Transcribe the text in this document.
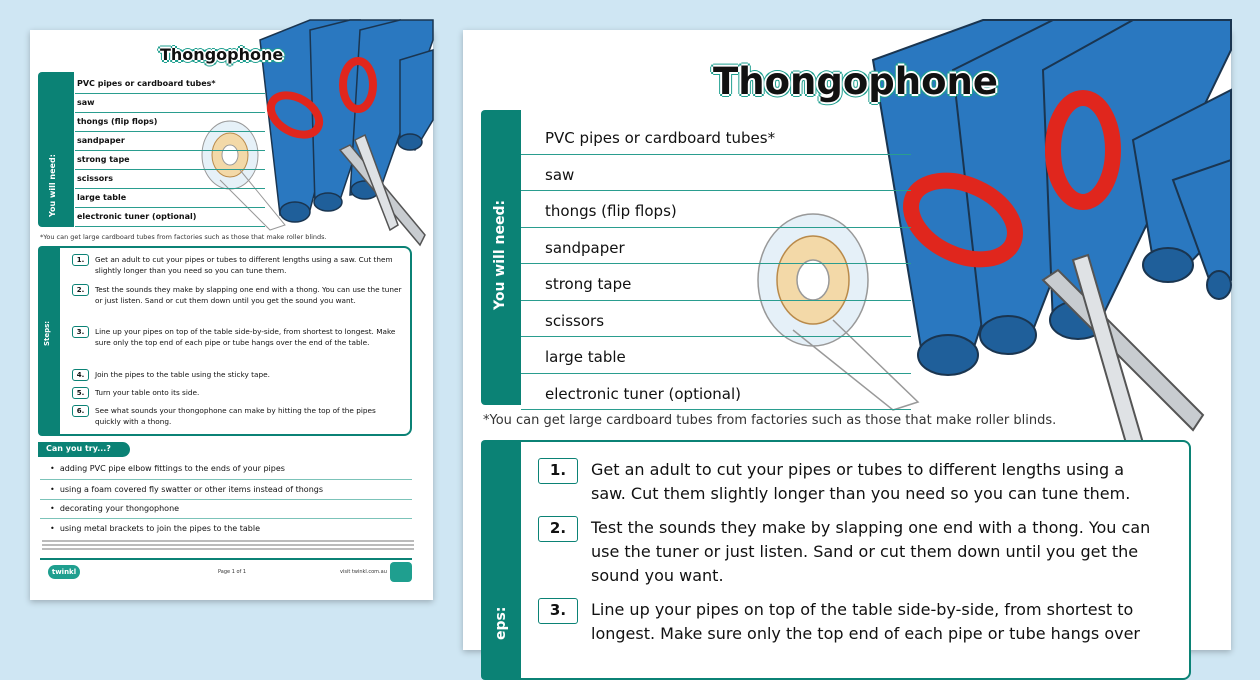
Thongophone
You will need:
PVC pipes or cardboard tubes*
saw
thongs (flip flops)
sandpaper
strong tape
scissors
large table
electronic tuner (optional)
*You can get large cardboard tubes from factories such as those that make roller blinds.
Steps:
1.	Get an adult to cut your pipes or tubes to different lengths using a saw. Cut them slightly longer than you need so you can tune them.
2.	Test the sounds they make by slapping one end with a thong. You can use the tuner or just listen. Sand or cut them down until you get the sound you want.
3.	Line up your pipes on top of the table side-by-side, from shortest to longest. Make sure only the top end of each pipe or tube hangs over the end of the table.
4.	Join the pipes to the table using the sticky tape.
5.	Turn your table onto its side.
6.	See what sounds your thongophone can make by hitting the top of the pipes quickly with a thong.
Can you try...?
•  adding PVC pipe elbow fittings to the ends of your pipes
•  using a foam covered fly swatter or other items instead of thongs
•  decorating your thongophone
•  using metal brackets to join the pipes to the table
twinkl	Page 1 of 1	visit twinkl.com.au
Thongophone
You will need:
PVC pipes or cardboard tubes*
saw
thongs (flip flops)
sandpaper
strong tape
scissors
large table
electronic tuner (optional)
*You can get large cardboard tubes from factories such as those that make roller blinds.
eps:
1.	Get an adult to cut your pipes or tubes to different lengths using a saw. Cut them slightly longer than you need so you can tune them.
2.	Test the sounds they make by slapping one end with a thong. You can use the tuner or just listen. Sand or cut them down until you get the sound you want.
3.	Line up your pipes on top of the table side-by-side, from shortest to
longest. Make sure only the top end of each pipe or tube hangs over
